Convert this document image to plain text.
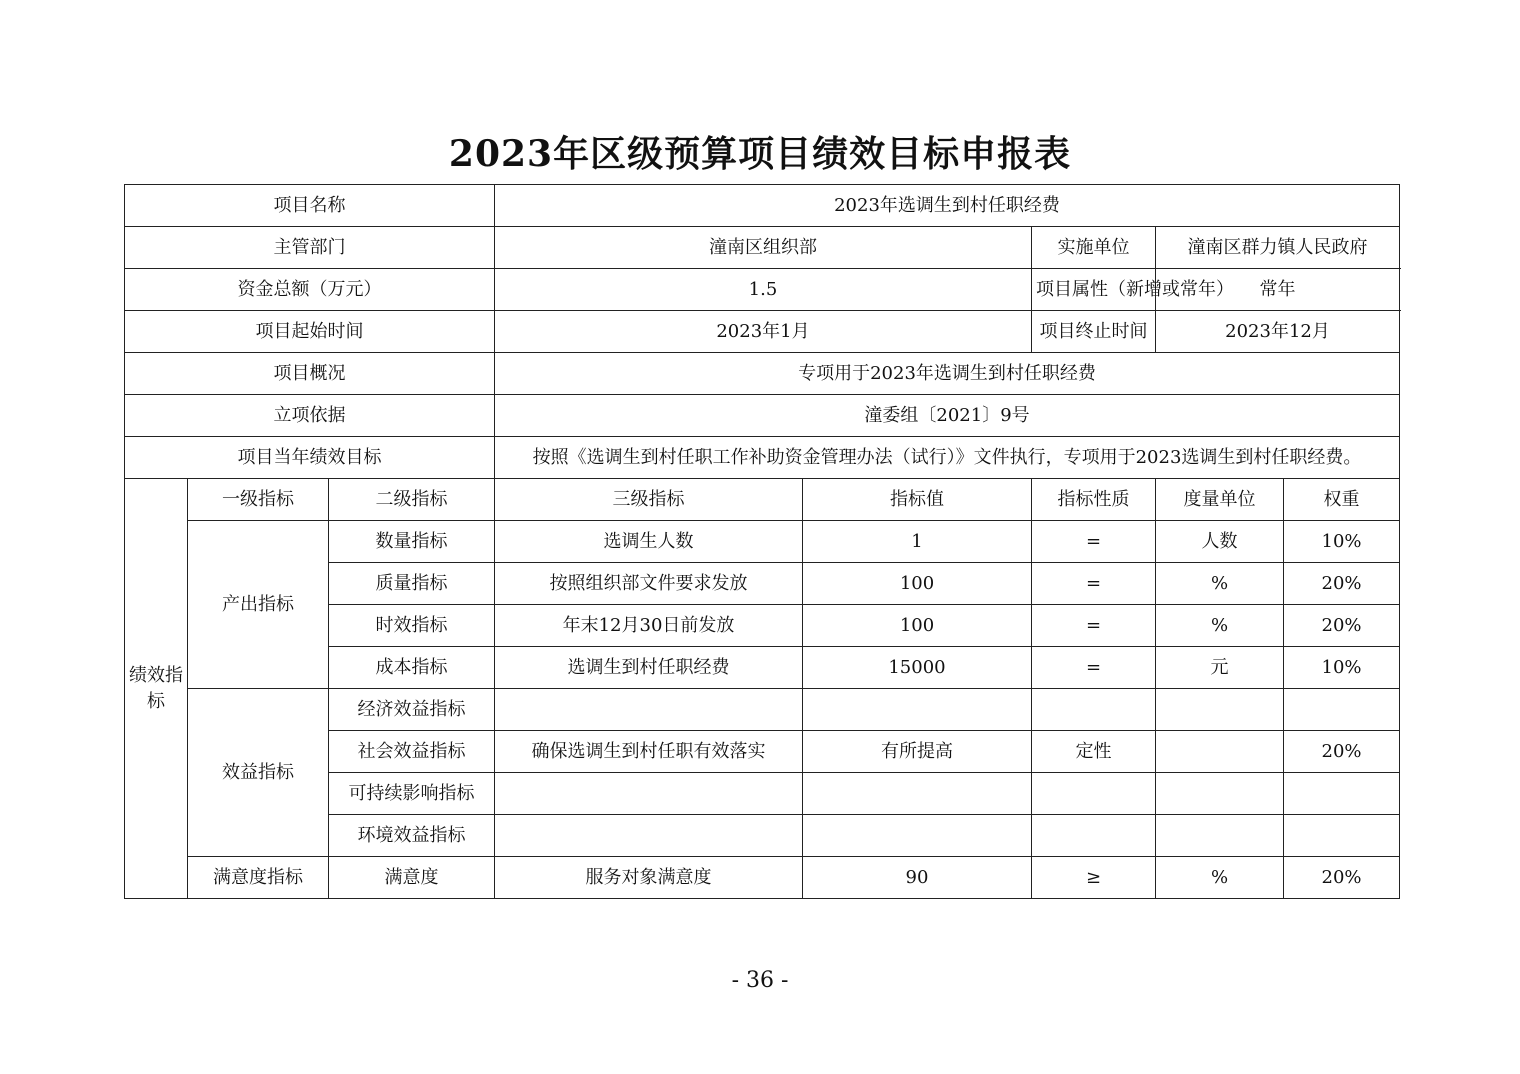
2023年区级预算项目绩效目标申报表
项目名称			2023年选调生到村任职经费				
主管部门			潼南区组织部		实施单位	潼南区群力镇人民政府	
资金总额（万元）			1.5		项目属性（新增或常年）	常年	
项目起始时间			2023年1月		项目终止时间	2023年12月	
项目概况			专项用于2023年选调生到村任职经费				
立项依据			潼委组〔2021〕9号				
项目当年绩效目标			按照《选调生到村任职工作补助资金管理办法（试行）》文件执行，专项用于2023选调生到村任职经费。				
绩效指标	一级指标	二级指标	三级指标	指标值	指标性质	度量单位	权重
	产出指标	数量指标	选调生人数	1	=	人数	10%
		质量指标	按照组织部文件要求发放	100	=	%	20%
		时效指标	年末12月30日前发放	100	=	%	20%
		成本指标	选调生到村任职经费	15000	=	元	10%
	效益指标	经济效益指标					
		社会效益指标	确保选调生到村任职有效落实	有所提高	定性		20%
		可持续影响指标					
		环境效益指标					
	满意度指标	满意度	服务对象满意度	90	≥	%	20%
- 36 -
